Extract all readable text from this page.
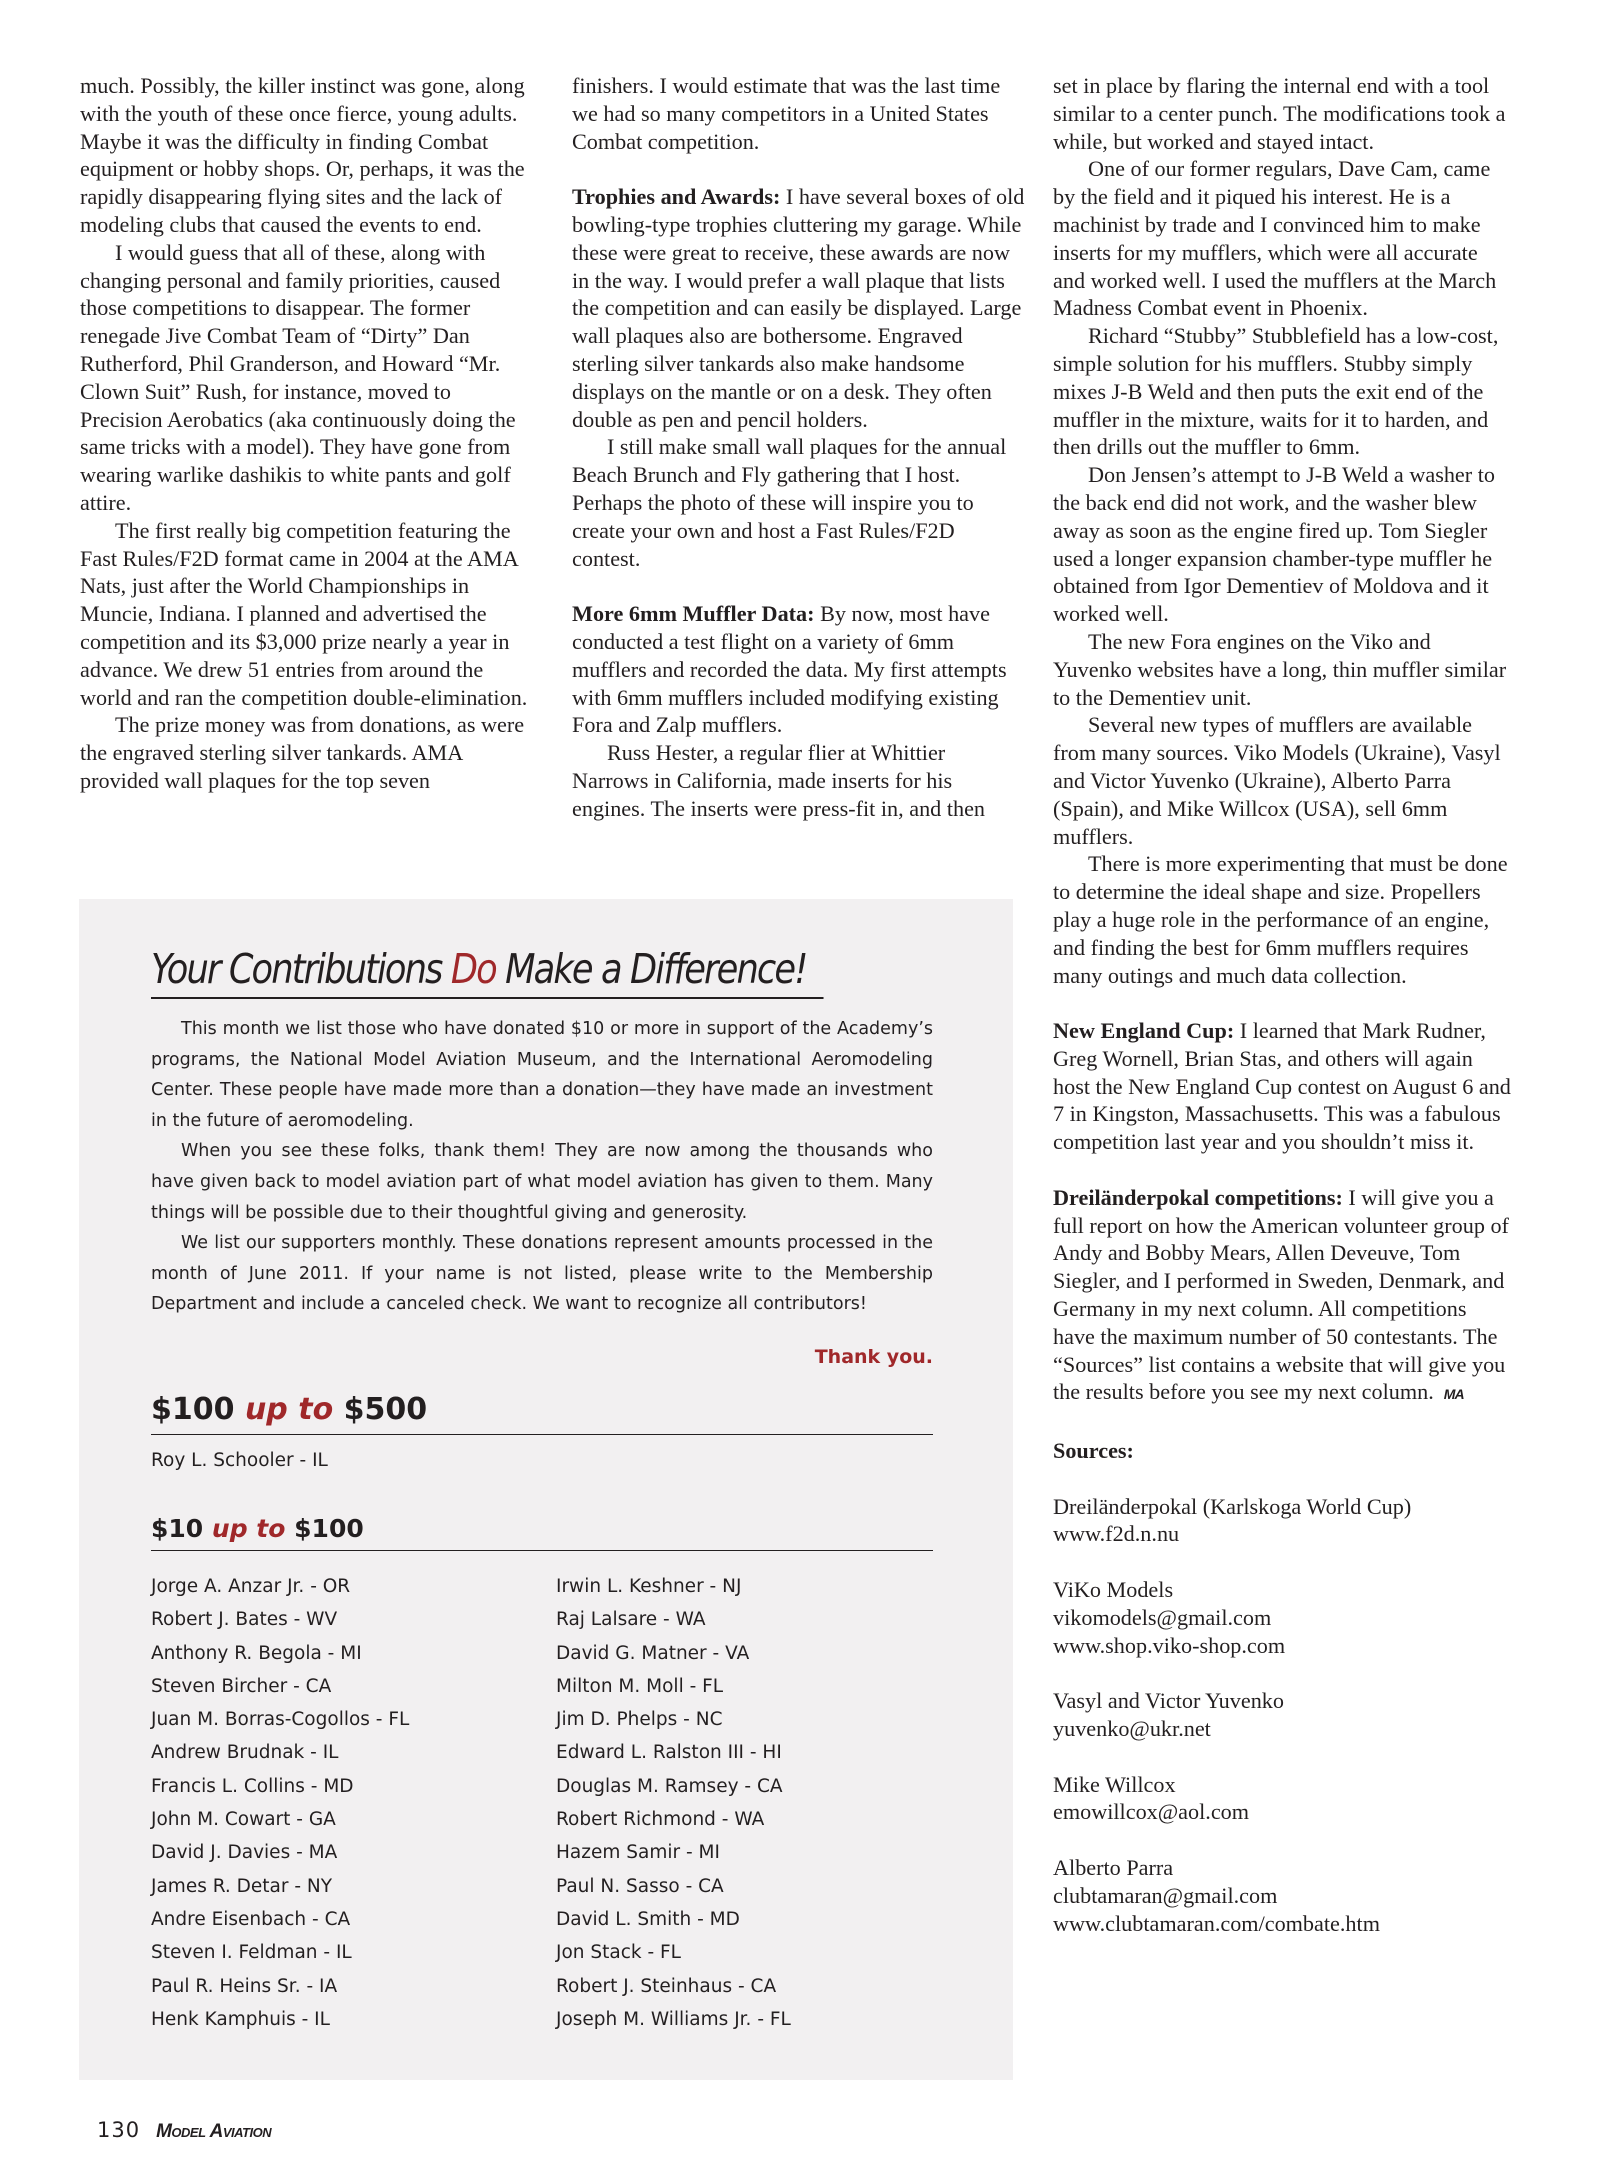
much. Possibly, the killer instinct was gone, along with the youth of these once fierce, young adults. Maybe it was the difficulty in finding Combat equipment or hobby shops. Or, perhaps, it was the rapidly disappearing flying sites and the lack of modeling clubs that caused the events to end.

I would guess that all of these, along with changing personal and family priorities, caused those competitions to disappear. The former renegade Jive Combat Team of “Dirty” Dan Rutherford, Phil Granderson, and Howard “Mr. Clown Suit” Rush, for instance, moved to Precision Aerobatics (aka continuously doing the same tricks with a model). They have gone from wearing warlike dashikis to white pants and golf attire.

The first really big competition featuring the Fast Rules/F2D format came in 2004 at the AMA Nats, just after the World Championships in Muncie, Indiana. I planned and advertised the competition and its $3,000 prize nearly a year in advance. We drew 51 entries from around the world and ran the competition double-elimination.

The prize money was from donations, as were the engraved sterling silver tankards. AMA provided wall plaques for the top seven

finishers. I would estimate that was the last time we had so many competitors in a United States Combat competition.

Trophies and Awards: I have several boxes of old bowling-type trophies cluttering my garage. While these were great to receive, these awards are now in the way. I would prefer a wall plaque that lists the competition and can easily be displayed. Large wall plaques also are bothersome. Engraved sterling silver tankards also make handsome displays on the mantle or on a desk. They often double as pen and pencil holders.

I still make small wall plaques for the annual Beach Brunch and Fly gathering that I host. Perhaps the photo of these will inspire you to create your own and host a Fast Rules/F2D contest.

More 6mm Muffler Data: By now, most have conducted a test flight on a variety of 6mm mufflers and recorded the data. My first attempts with 6mm mufflers included modifying existing Fora and Zalp mufflers.

Russ Hester, a regular flier at Whittier Narrows in California, made inserts for his engines. The inserts were press-fit in, and then

set in place by flaring the internal end with a tool similar to a center punch. The modifications took a while, but worked and stayed intact.

One of our former regulars, Dave Cam, came by the field and it piqued his interest. He is a machinist by trade and I convinced him to make inserts for my mufflers, which were all accurate and worked well. I used the mufflers at the March Madness Combat event in Phoenix.

Richard “Stubby” Stubblefield has a low-cost, simple solution for his mufflers. Stubby simply mixes J-B Weld and then puts the exit end of the muffler in the mixture, waits for it to harden, and then drills out the muffler to 6mm.

Don Jensen’s attempt to J-B Weld a washer to the back end did not work, and the washer blew away as soon as the engine fired up. Tom Siegler used a longer expansion chamber-type muffler he obtained from Igor Dementiev of Moldova and it worked well.

The new Fora engines on the Viko and Yuvenko websites have a long, thin muffler similar to the Dementiev unit.

Several new types of mufflers are available from many sources. Viko Models (Ukraine), Vasyl and Victor Yuvenko (Ukraine), Alberto Parra (Spain), and Mike Willcox (USA), sell 6mm mufflers.

There is more experimenting that must be done to determine the ideal shape and size. Propellers play a huge role in the performance of an engine, and finding the best for 6mm mufflers requires many outings and much data collection.

New England Cup: I learned that Mark Rudner, Greg Wornell, Brian Stas, and others will again host the New England Cup contest on August 6 and 7 in Kingston, Massachusetts. This was a fabulous competition last year and you shouldn’t miss it.

Dreiländerpokal competitions: I will give you a full report on how the American volunteer group of Andy and Bobby Mears, Allen Deveuve, Tom Siegler, and I performed in Sweden, Denmark, and Germany in my next column. All competitions have the maximum number of 50 contestants. The “Sources” list contains a website that will give you the results before you see my next column. MA

Sources:

Dreiländerpokal (Karlskoga World Cup)
www.f2d.n.nu
ViKo Models
vikomodels@gmail.com
www.shop.viko-shop.com
Vasyl and Victor Yuvenko
yuvenko@ukr.net
Mike Willcox
emowillcox@aol.com
Alberto Parra
clubtamaran@gmail.com
www.clubtamaran.com/combate.htm
Your Contributions Do Make a Difference!

This month we list those who have donated $10 or more in support of the Academy’s programs, the National Model Aviation Museum, and the International Aeromodeling Center. These people have made more than a donation—they have made an investment in the future of aeromodeling.

When you see these folks, thank them! They are now among the thousands who have given back to model aviation part of what model aviation has given to them. Many things will be possible due to their thoughtful giving and generosity.

We list our supporters monthly. These donations represent amounts processed in the month of June 2011. If your name is not listed, please write to the Membership Department and include a canceled check. We want to recognize all contributors!

Thank you.
$100 up to $500
Roy L. Schooler - IL
$10 up to $100
Jorge A. Anzar Jr. - OR
Robert J. Bates - WV
Anthony R. Begola - MI
Steven Bircher - CA
Juan M. Borras-Cogollos - FL
Andrew Brudnak - IL
Francis L. Collins - MD
John M. Cowart - GA
David J. Davies - MA
James R. Detar - NY
Andre Eisenbach - CA
Steven I. Feldman - IL
Paul R. Heins Sr. - IA
Henk Kamphuis - IL
Irwin L. Keshner - NJ
Raj Lalsare - WA
David G. Matner - VA
Milton M. Moll - FL
Jim D. Phelps - NC
Edward L. Ralston III - HI
Douglas M. Ramsey - CA
Robert Richmond - WA
Hazem Samir - MI
Paul N. Sasso - CA
David L. Smith - MD
Jon Stack - FL
Robert J. Steinhaus - CA
Joseph M. Williams Jr. - FL
130 Model Aviation
